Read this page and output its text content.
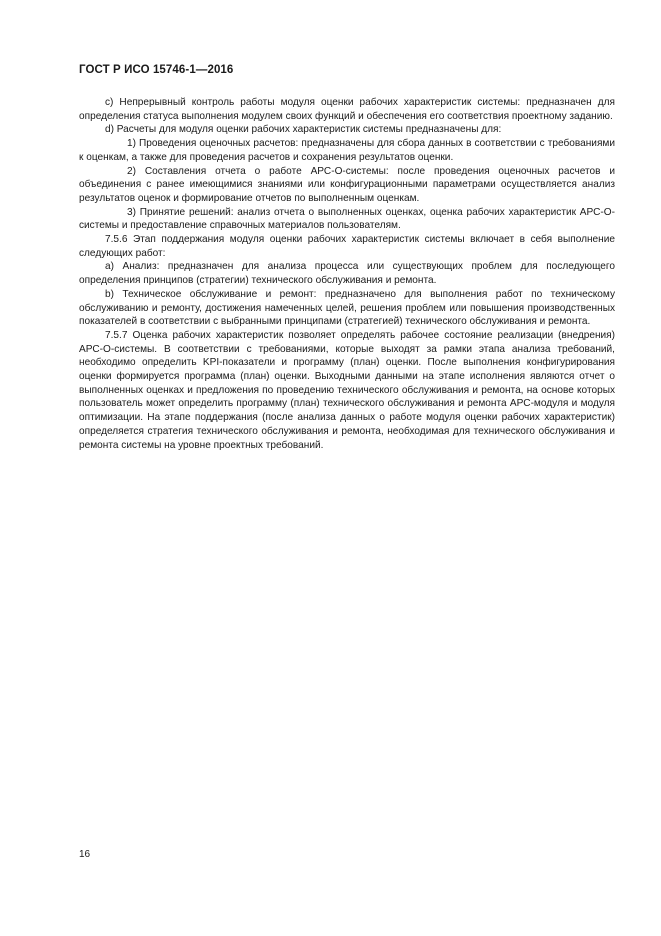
ГОСТ Р ИСО 15746-1—2016

c) Непрерывный контроль работы модуля оценки рабочих характеристик системы: предназначен для определения статуса выполнения модулем своих функций и обеспечения его соответствия проектному заданию.

d) Расчеты для модуля оценки рабочих характеристик системы предназначены для:

1) Проведения оценочных расчетов: предназначены для сбора данных в соответствии с требованиями к оценкам, а также для проведения расчетов и сохранения результатов оценки.

2) Составления отчета о работе АРС-О-системы: после проведения оценочных расчетов и объединения с ранее имеющимися знаниями или конфигурационными параметрами осуществляется анализ результатов оценок и формирование отчетов по выполненным оценкам.

3) Принятие решений: анализ отчета о выполненных оценках, оценка рабочих характеристик АРС-О-системы и предоставление справочных материалов пользователям.

7.5.6 Этап поддержания модуля оценки рабочих характеристик системы включает в себя выполнение следующих работ:

a) Анализ: предназначен для анализа процесса или существующих проблем для последующего определения принципов (стратегии) технического обслуживания и ремонта.

b) Техническое обслуживание и ремонт: предназначено для выполнения работ по техническому обслуживанию и ремонту, достижения намеченных целей, решения проблем или повышения производственных показателей в соответствии с выбранными принципами (стратегией) технического обслуживания и ремонта.

7.5.7 Оценка рабочих характеристик позволяет определять рабочее состояние реализации (внедрения) АРС-О-системы. В соответствии с требованиями, которые выходят за рамки этапа анализа требований, необходимо определить KPI-показатели и программу (план) оценки. После выполнения конфигурирования оценки формируется программа (план) оценки. Выходными данными на этапе исполнения являются отчет о выполненных оценках и предложения по проведению технического обслуживания и ремонта, на основе которых пользователь может определить программу (план) технического обслуживания и ремонта АРС-модуля и модуля оптимизации. На этапе поддержания (после анализа данных о работе модуля оценки рабочих характеристик) определяется стратегия технического обслуживания и ремонта, необходимая для технического обслуживания и ремонта системы на уровне проектных требований.

16
